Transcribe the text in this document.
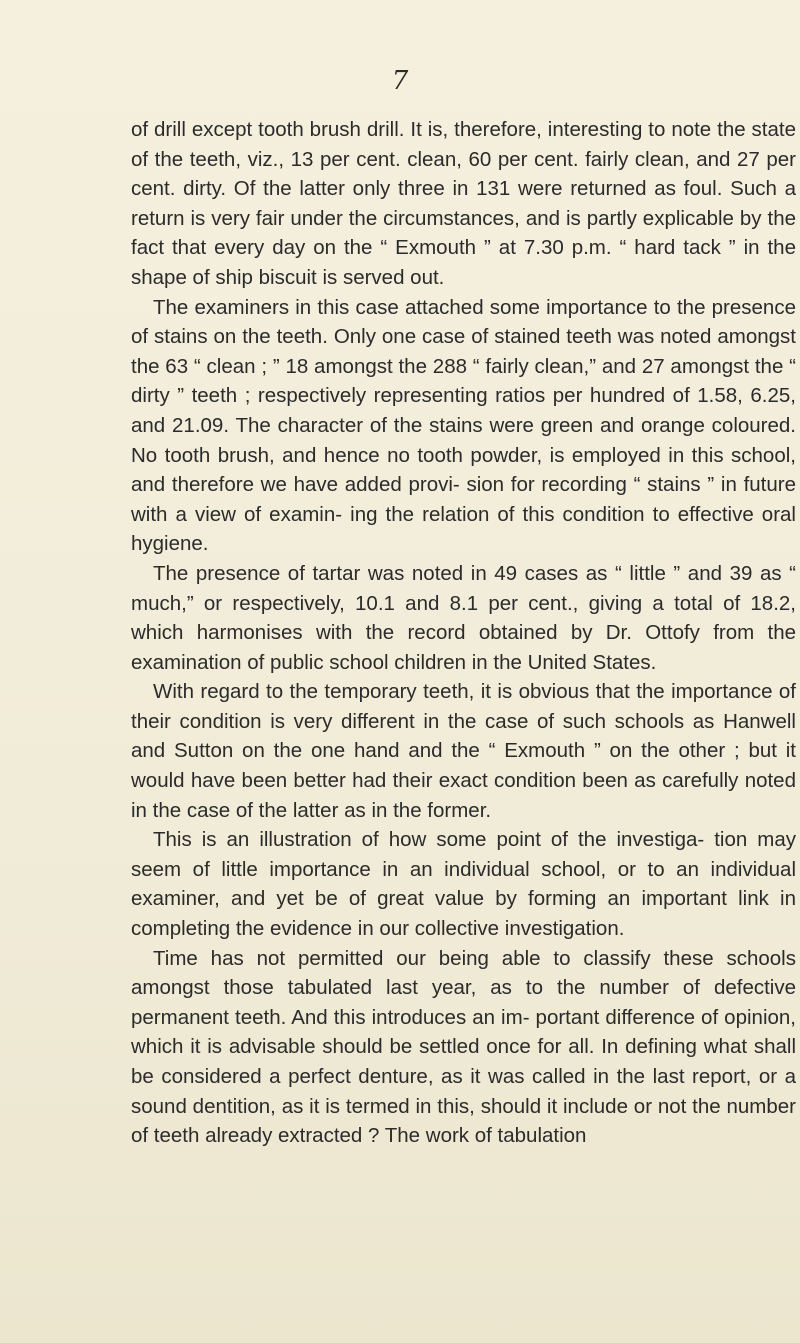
7

of drill except tooth brush drill. It is, therefore, interesting to note the state of the teeth, viz., 13 per cent. clean, 60 per cent. fairly clean, and 27 per cent. dirty. Of the latter only three in 131 were returned as foul. Such a return is very fair under the circumstances, and is partly explicable by the fact that every day on the “ Exmouth ” at 7.30 p.m. “ hard tack ” in the shape of ship biscuit is served out.

The examiners in this case attached some importance to the presence of stains on the teeth. Only one case of stained teeth was noted amongst the 63 “ clean ; ” 18 amongst the 288 “ fairly clean,” and 27 amongst the “ dirty ” teeth ; respectively representing ratios per hundred of 1.58, 6.25, and 21.09. The character of the stains were green and orange coloured. No tooth brush, and hence no tooth powder, is employed in this school, and therefore we have added provi- sion for recording “ stains ” in future with a view of examin- ing the relation of this condition to effective oral hygiene.

The presence of tartar was noted in 49 cases as “ little ” and 39 as “ much,” or respectively, 10.1 and 8.1 per cent., giving a total of 18.2, which harmonises with the record obtained by Dr. Ottofy from the examination of public school children in the United States.

With regard to the temporary teeth, it is obvious that the importance of their condition is very different in the case of such schools as Hanwell and Sutton on the one hand and the “ Exmouth ” on the other ; but it would have been better had their exact condition been as carefully noted in the case of the latter as in the former.

This is an illustration of how some point of the investiga- tion may seem of little importance in an individual school, or to an individual examiner, and yet be of great value by forming an important link in completing the evidence in our collective investigation.

Time has not permitted our being able to classify these schools amongst those tabulated last year, as to the number of defective permanent teeth. And this introduces an im- portant difference of opinion, which it is advisable should be settled once for all. In defining what shall be considered a perfect denture, as it was called in the last report, or a sound dentition, as it is termed in this, should it include or not the number of teeth already extracted ? The work of tabulation
